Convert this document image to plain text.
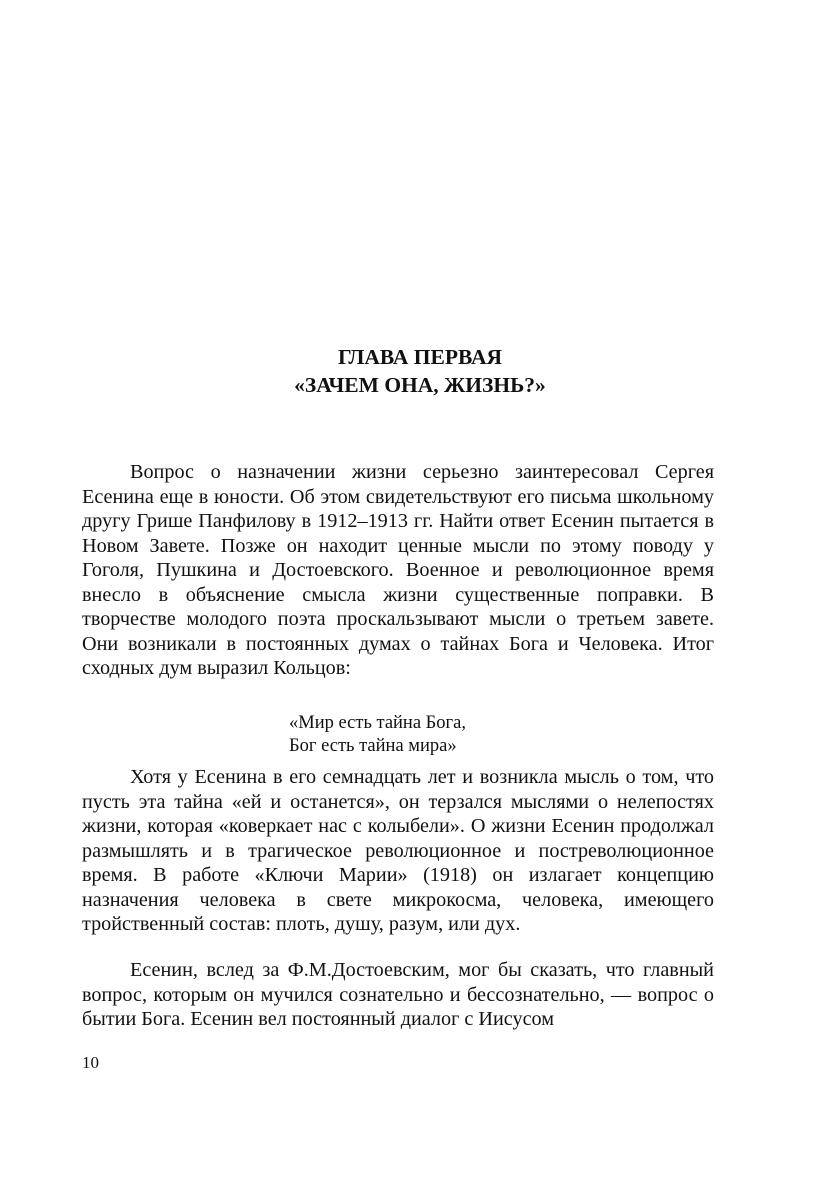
ГЛАВА ПЕРВАЯ
«ЗАЧЕМ ОНА, ЖИЗНЬ?»

Вопрос о назначении жизни серьезно заинтересовал Сергея Есенина еще в юности. Об этом свидетельствуют его письма школьному другу Грише Панфилову в 1912–1913 гг. Найти ответ Есенин пытается в Новом Завете. Позже он находит ценные мысли по этому поводу у Гоголя, Пушкина и Достоевского. Военное и революционное время внесло в объяснение смысла жизни существенные поправки. В творчестве молодого поэта проскальзывают мысли о третьем завете. Они возникали в постоянных думах о тайнах Бога и Человека. Итог сходных дум выразил Кольцов:

«Мир есть тайна Бога,
Бог есть тайна мира»

Хотя у Есенина в его семнадцать лет и возникла мысль о том, что пусть эта тайна «ей и останется», он терзался мыслями о нелепостях жизни, которая «коверкает нас с колыбели». О жизни Есенин продолжал размышлять и в трагическое революционное и постреволюционное время. В работе «Ключи Марии» (1918) он излагает концепцию назначения человека в свете микрокосма, человека, имеющего тройственный состав: плоть, душу, разум, или дух.

Есенин, вслед за Ф.М.Достоевским, мог бы сказать, что главный вопрос, которым он мучился сознательно и бессознательно, — вопрос о бытии Бога. Есенин вел постоянный диалог с Иисусом

10
